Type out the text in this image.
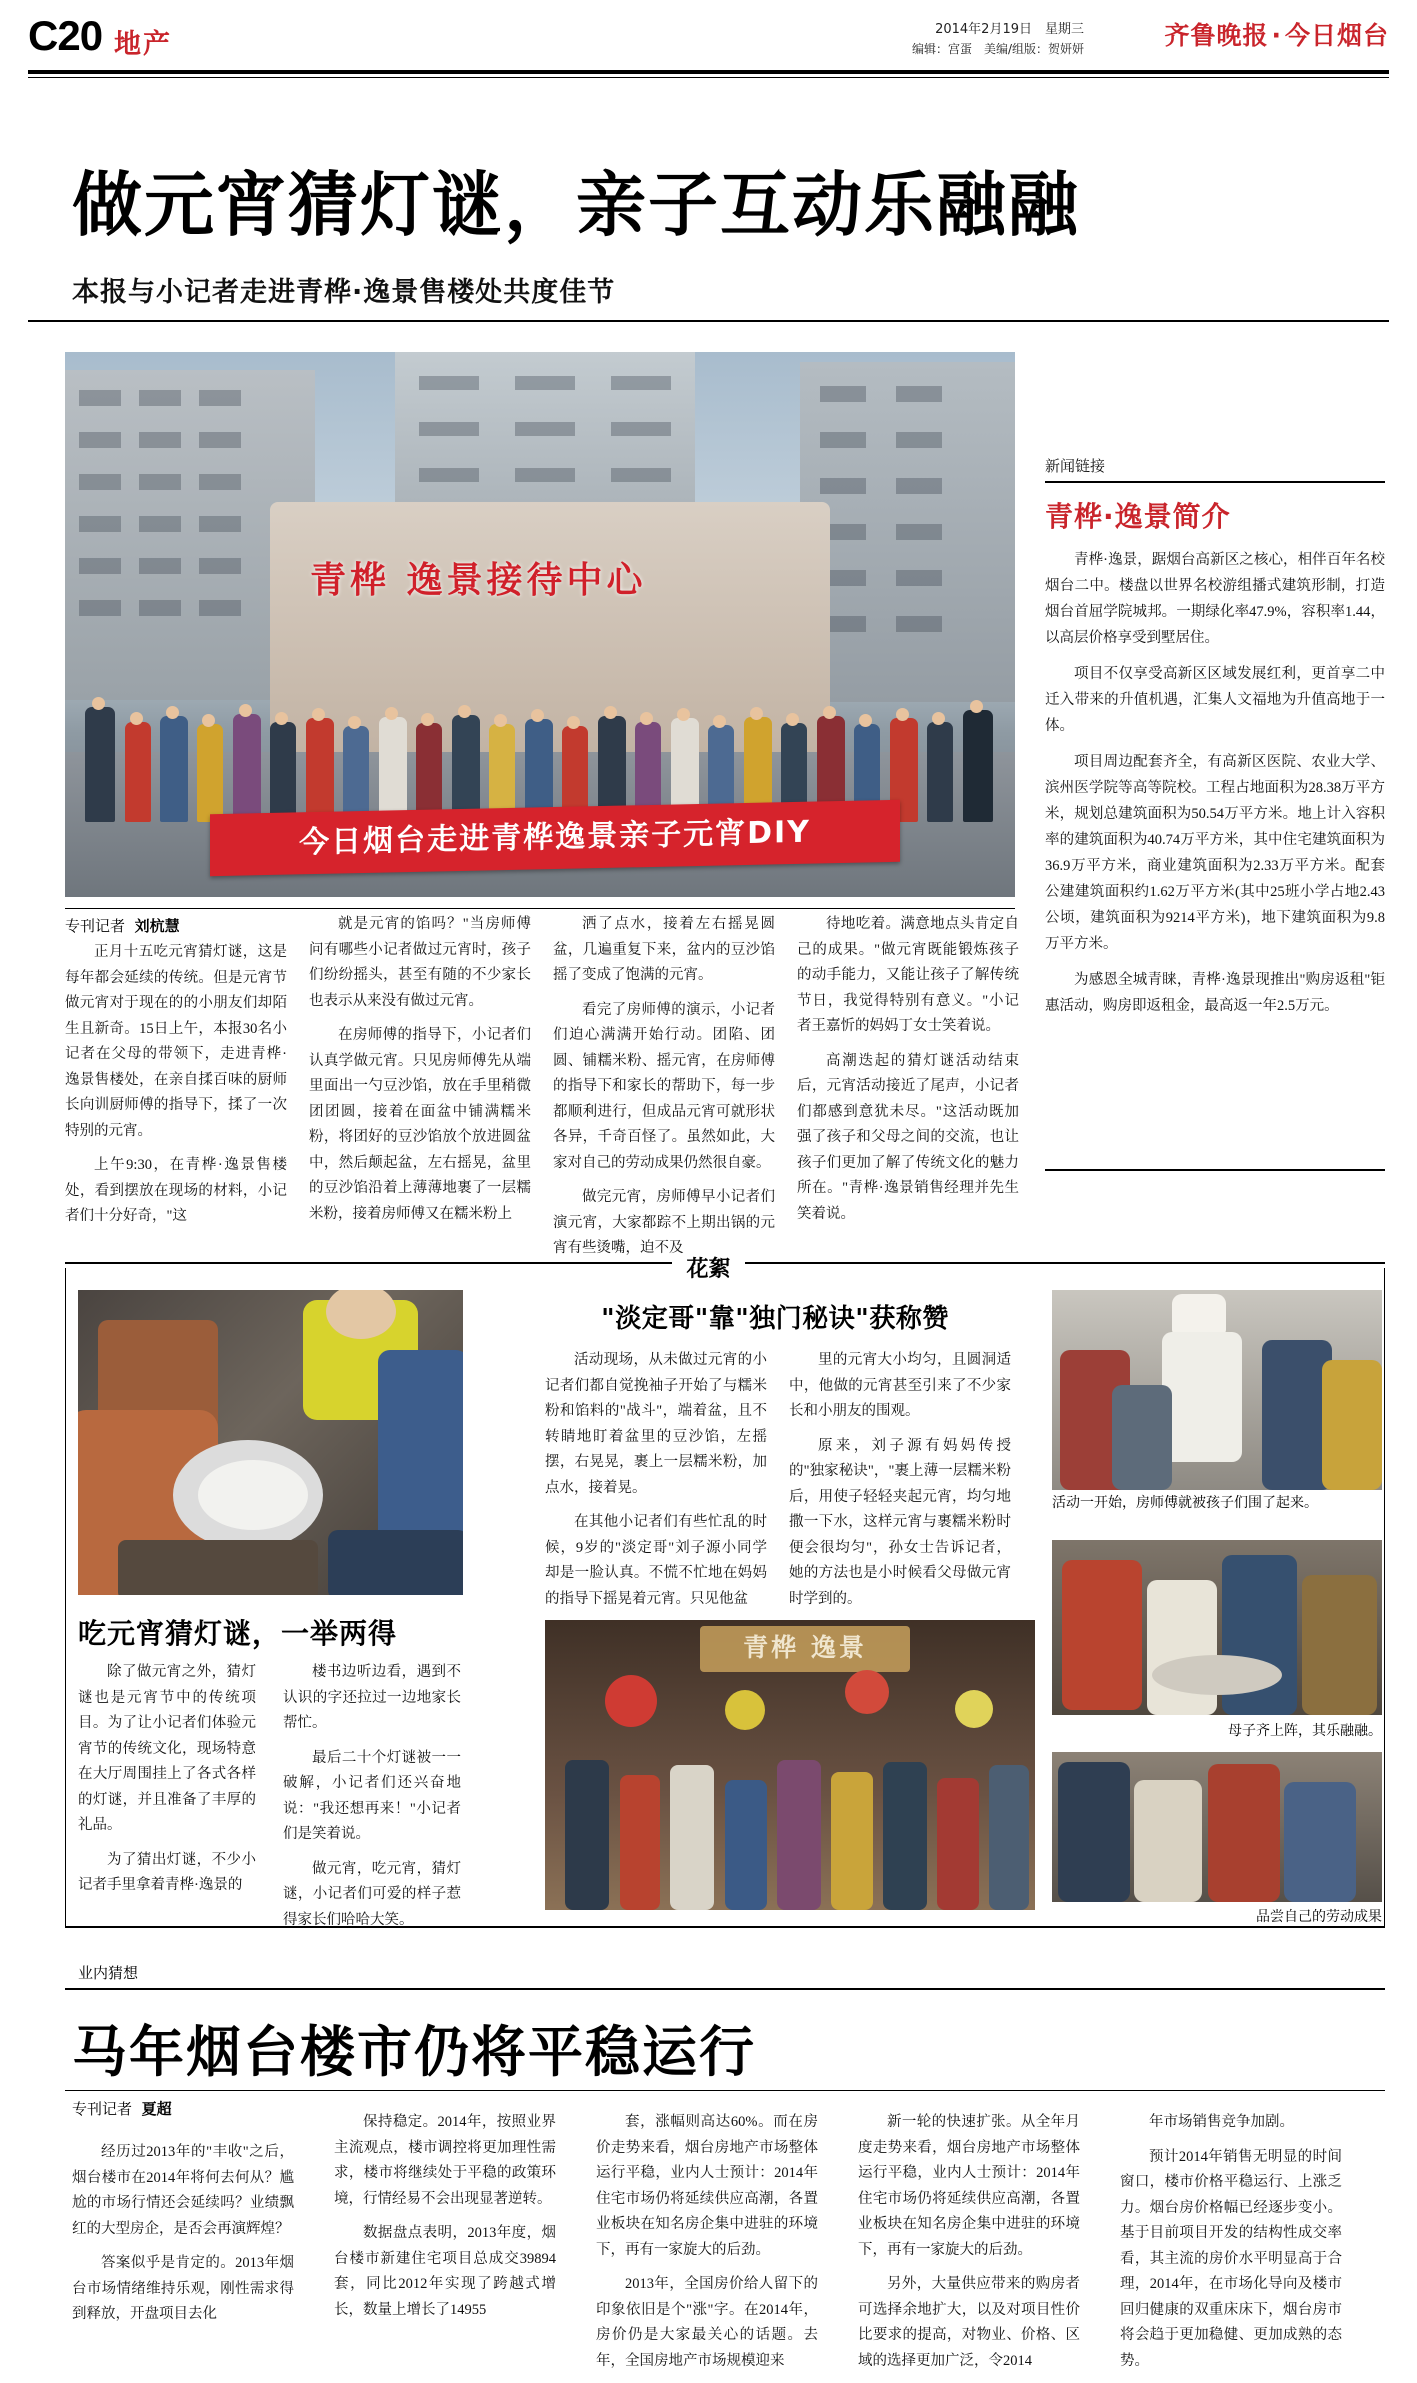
C20 地产	2014年2月19日　星期三
编辑：宫蛋　美编/组版：贺妍妍	齐鲁晚报 · 今日烟台
做元宵猜灯谜，亲子互动乐融融
本报与小记者走进青桦·逸景售楼处共度佳节
青桦 逸景接待中心
今日烟台走进青桦逸景亲子元宵DIY
新闻链接
青桦·逸景简介

青桦·逸景，踞烟台高新区之核心，相伴百年名校烟台二中。楼盘以世界名校游组播式建筑形制，打造烟台首屈学院城邦。一期绿化率47.9%，容积率1.44，以高层价格享受到墅居住。

项目不仅享受高新区区域发展红利，更首享二中迁入带来的升值机遇，汇集人文福地为升值高地于一体。

项目周边配套齐全，有高新区医院、农业大学、滨州医学院等高等院校。工程占地面积为28.38万平方米，规划总建筑面积为50.54万平方米。地上计入容积率的建筑面积为40.74万平方米，其中住宅建筑面积为36.9万平方米，商业建筑面积为2.33万平方米。配套公建建筑面积约1.62万平方米(其中25班小学占地2.43公顷，建筑面积为9214平方米)，地下建筑面积为9.8万平方米。

为感恩全城青睐，青桦·逸景现推出"购房返租"钜惠活动，购房即返租金，最高返一年2.5万元。

专刊记者 刘杭慧

正月十五吃元宵猜灯谜，这是每年都会延续的传统。但是元宵节做元宵对于现在的的小朋友们却陌生且新奇。15日上午，本报30名小记者在父母的带领下，走进青桦·逸景售楼处，在亲自揉百味的厨师长向训厨师傅的指导下，揉了一次特别的元宵。

上午9:30，在青桦·逸景售楼处，看到摆放在现场的材料，小记者们十分好奇，"这

就是元宵的馅吗？"当房师傅问有哪些小记者做过元宵时，孩子们纷纷摇头，甚至有随的不少家长也表示从来没有做过元宵。

在房师傅的指导下，小记者们认真学做元宵。只见房师傅先从端里面出一勺豆沙馅，放在手里稍微团团圆，接着在面盆中铺满糯米粉，将团好的豆沙馅放个放进圆盆中，然后颠起盆，左右摇晃，盆里的豆沙馅沿着上薄薄地裹了一层糯米粉，接着房师傅又在糯米粉上

洒了点水，接着左右摇晃圆盆，几遍重复下来，盆内的豆沙馅摇了变成了饱满的元宵。

看完了房师傅的演示，小记者们迫心满满开始行动。团陷、团圆、铺糯米粉、摇元宵，在房师傅的指导下和家长的帮助下，每一步都顺利进行，但成品元宵可就形状各异，千奇百怪了。虽然如此，大家对自己的劳动成果仍然很自豪。

做完元宵，房师傅早小记者们演元宵，大家都踪不上期出锅的元宵有些烫嘴，迫不及

待地吃着。满意地点头肯定自己的成果。"做元宵既能锻炼孩子的动手能力，又能让孩子了解传统节日，我觉得特别有意义。"小记者王嘉忻的妈妈丁女士笑着说。

高潮迭起的猜灯谜活动结束后，元宵活动接近了尾声，小记者们都感到意犹未尽。"这活动既加强了孩子和父母之间的交流，也让孩子们更加了解了传统文化的魅力所在。"青桦·逸景销售经理并先生笑着说。

花絮
吃元宵猜灯谜，一举两得

除了做元宵之外，猜灯谜也是元宵节中的传统项目。为了让小记者们体验元宵节的传统文化，现场特意在大厅周围挂上了各式各样的灯谜，并且准备了丰厚的礼品。

为了猜出灯谜，不少小记者手里拿着青桦·逸景的

楼书边听边看，遇到不认识的字还拉过一边地家长帮忙。

最后二十个灯谜被一一破解，小记者们还兴奋地说："我还想再来！"小记者们是笑着说。

做元宵，吃元宵，猜灯谜，小记者们可爱的样子惹得家长们哈哈大笑。

"淡定哥"靠"独门秘诀"获称赞

活动现场，从未做过元宵的小记者们都自觉挽袖子开始了与糯米粉和馅料的"战斗"，端着盆，且不转睛地盯着盆里的豆沙馅，左摇摆，右晃晃，裹上一层糯米粉，加点水，接着晃。

在其他小记者们有些忙乱的时候，9岁的"淡定哥"刘子源小同学却是一脸认真。不慌不忙地在妈妈的指导下摇晃着元宵。只见他盆

里的元宵大小均匀，且圆洞适中，他做的元宵甚至引来了不少家长和小朋友的围观。

原来，刘子源有妈妈传授的"独家秘诀"，"裹上薄一层糯米粉后，用使子轻轻夹起元宵，均匀地撒一下水，这样元宵与裹糯米粉时便会很均匀"，孙女士告诉记者，她的方法也是小时候看父母做元宵时学到的。

青桦 逸景
活动一开始，房师傅就被孩子们围了起来。
母子齐上阵，其乐融融。
品尝自己的劳动成果
业内猜想
马年烟台楼市仍将平稳运行
专刊记者 夏超

经历过2013年的"丰收"之后，烟台楼市在2014年将何去何从？尴尬的市场行情还会延续吗？业绩飘红的大型房企，是否会再演辉煌？

答案似乎是肯定的。2013年烟台市场情绪维持乐观，刚性需求得到释放，开盘项目去化

保持稳定。2014年，按照业界主流观点，楼市调控将更加理性需求，楼市将继续处于平稳的政策环境，行情经易不会出现显著逆转。

数据盘点表明，2013年度，烟台楼市新建住宅项目总成交39894套，同比2012年实现了跨越式增长，数量上增长了14955

套，涨幅则高达60%。而在房价走势来看，烟台房地产市场整体运行平稳，业内人士预计：2014年住宅市场仍将延续供应高潮，各置业板块在知名房企集中进驻的环境下，再有一家旋大的后劲。

2013年，全国房价给人留下的印象依旧是个"涨"字。在2014年，房价仍是大家最关心的话题。去年，全国房地产市场规模迎来

新一轮的快速扩张。从全年月度走势来看，烟台房地产市场整体运行平稳，业内人士预计：2014年住宅市场仍将延续供应高潮，各置业板块在知名房企集中进驻的环境下，再有一家旋大的后劲。

另外，大量供应带来的购房者可选择余地扩大，以及对项目性价比要求的提高，对物业、价格、区域的选择更加广泛，令2014

年市场销售竞争加剧。

预计2014年销售无明显的时间窗口，楼市价格平稳运行、上涨乏力。烟台房价格幅已经逐步变小。基于目前项目开发的结构性成交率看，其主流的房价水平明显高于合理，2014年，在市场化导向及楼市回归健康的双重床床下，烟台房市将会趋于更加稳健、更加成熟的态势。
